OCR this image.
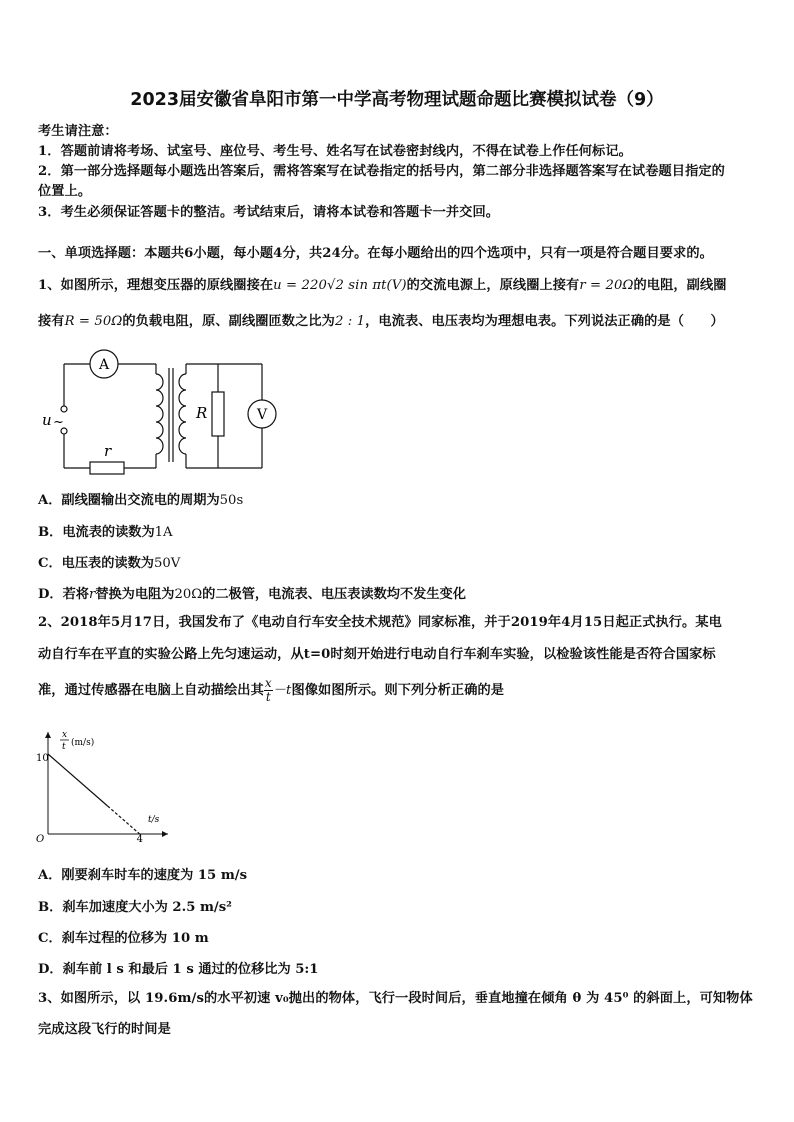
2023届安徽省阜阳市第一中学高考物理试题命题比赛模拟试卷（9）
考生请注意：
1．答题前请将考场、试室号、座位号、考生号、姓名写在试卷密封线内，不得在试卷上作任何标记。
2．第一部分选择题每小题选出答案后，需将答案写在试卷指定的括号内，第二部分非选择题答案写在试卷题目指定的
位置上。
3．考生必须保证答题卡的整洁。考试结束后，请将本试卷和答题卡一并交回。
一、单项选择题：本题共6小题，每小题4分，共24分。在每小题给出的四个选项中，只有一项是符合题目要求的。
1、如图所示，理想变压器的原线圈接在u = 220√2 sin πt(V)的交流电源上，原线圈上接有r = 20Ω的电阻，副线圈
接有R = 50Ω的负载电阻，原、副线圈匝数之比为2 : 1，电流表、电压表均为理想电表。下列说法正确的是（　　）
A
V
R
r
u ~
A．副线圈输出交流电的周期为50s
B．电流表的读数为1A
C．电压表的读数为50V
D．若将r替换为电阻为20Ω的二极管，电流表、电压表读数均不发生变化
2、2018年5月17日，我国发布了《电动自行车安全技术规范》同家标准，并于2019年4月15日起正式执行。某电
动自行车在平直的实验公路上先匀速运动，从t=0时刻开始进行电动自行车刹车实验，以检验该性能是否符合国家标
准，通过传感器在电脑上自动描绘出其 $\frac{x}{t} -t$图像如图所示。则下列分析正确的是
x
t (m/s)
t/s
O
10
4
A．刚要刹车时车的速度为 15 m/s
B．刹车加速度大小为 2.5 m/s²
C．刹车过程的位移为 10 m
D．刹车前 l s 和最后 1 s 通过的位移比为 5:1
3、如图所示，以 19.6m/s的水平初速 v₀抛出的物体，飞行一段时间后，垂直地撞在倾角 θ 为 45⁰ 的斜面上，可知物体
完成这段飞行的时间是
